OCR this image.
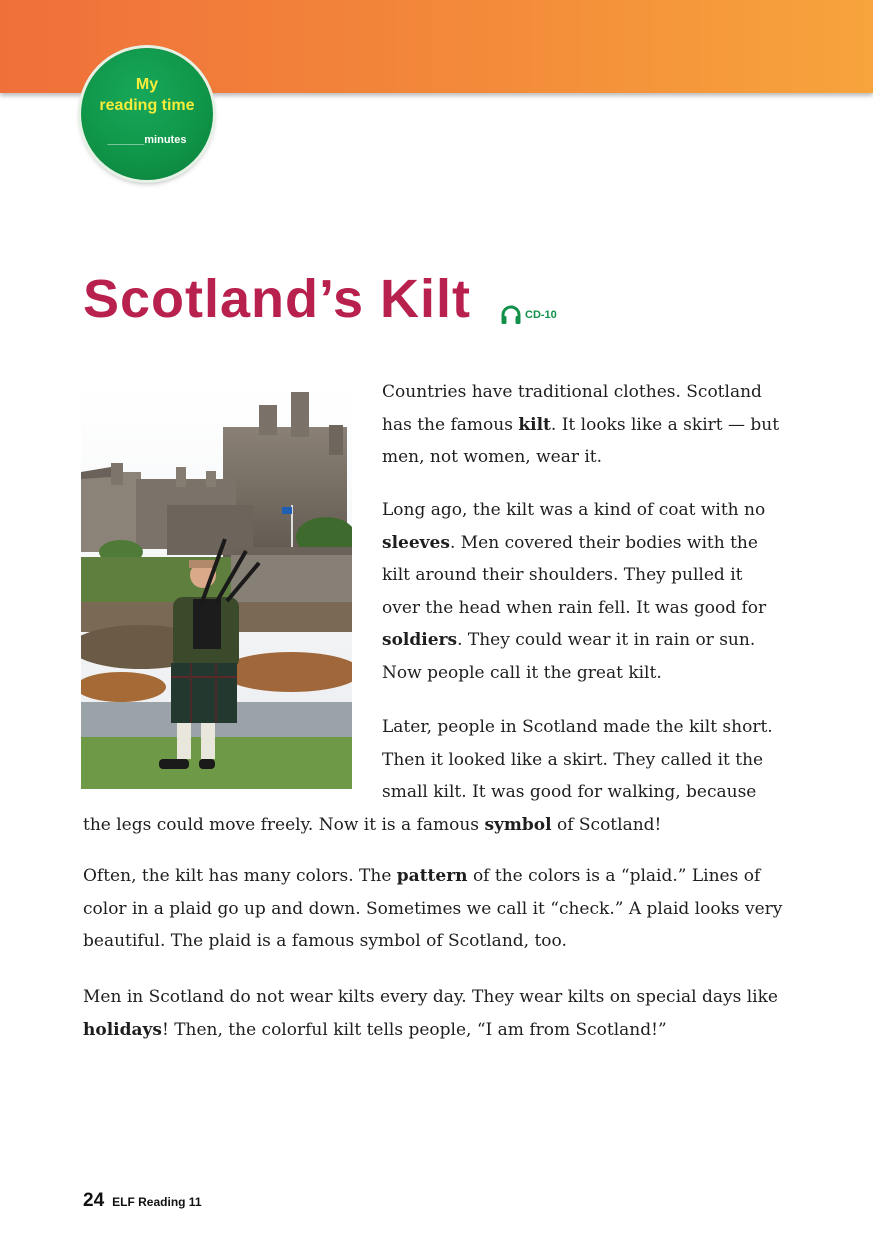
My
reading time
______minutes
Scotland’s Kilt	CD-10

Countries have traditional clothes. Scotland has the famous kilt. It looks like a skirt — but men, not women, wear it.

Long ago, the kilt was a kind of coat with no sleeves. Men covered their bodies with the kilt around their shoulders. They pulled it over the head when rain fell. It was good for soldiers. They could wear it in rain or sun. Now people call it the great kilt.

Later, people in Scotland made the kilt short. Then it looked like a skirt. They called it the small kilt. It was good for walking, because

the legs could move freely. Now it is a famous symbol of Scotland!

Often, the kilt has many colors. The pattern of the colors is a “plaid.” Lines of color in a plaid go up and down. Sometimes we call it “check.” A plaid looks very beautiful. The plaid is a famous symbol of Scotland, too.

Men in Scotland do not wear kilts every day. They wear kilts on special days like holidays! Then, the colorful kilt tells people, “I am from Scotland!”

24 ELF Reading 11
